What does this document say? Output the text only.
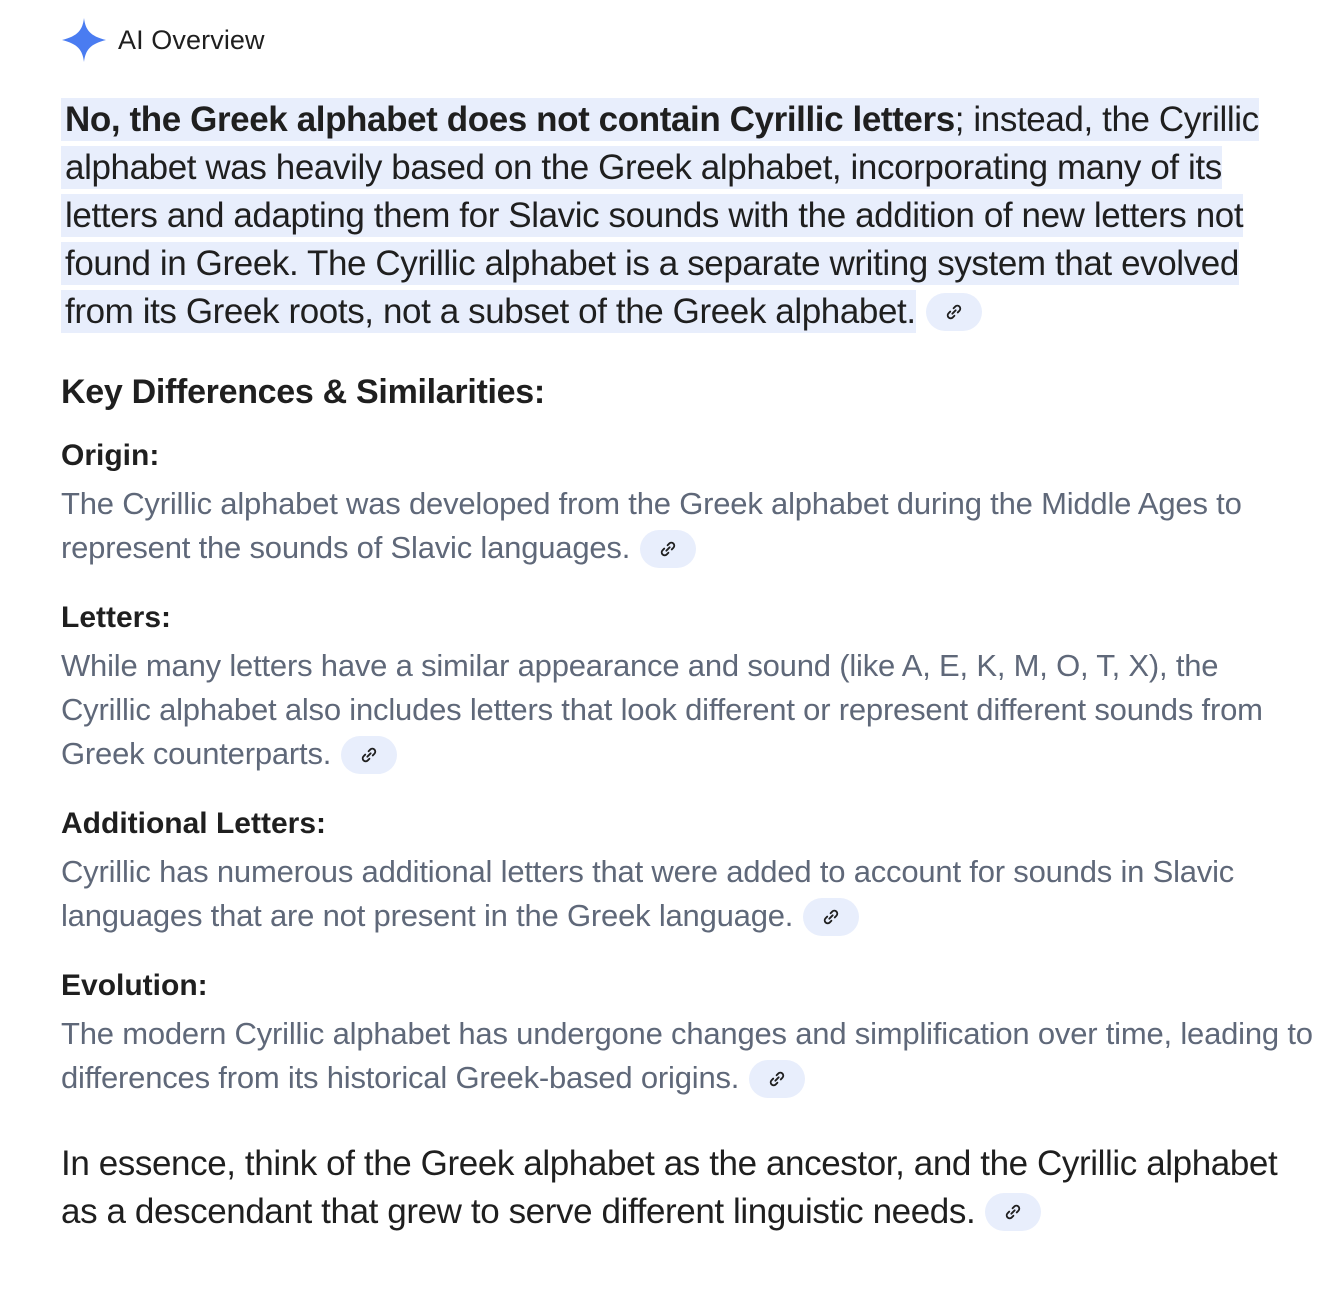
AI Overview

No, the Greek alphabet does not contain Cyrillic letters; instead, the Cyrillic alphabet was heavily based on the Greek alphabet, incorporating many of its letters and adapting them for Slavic sounds with the addition of new letters not found in Greek. The Cyrillic alphabet is a separate writing system that evolved from its Greek roots, not a subset of the Greek alphabet.

Key Differences & Similarities:

Origin:

The Cyrillic alphabet was developed from the Greek alphabet during the Middle Ages to represent the sounds of Slavic languages.

Letters:

While many letters have a similar appearance and sound (like A, E, K, M, O, T, X), the Cyrillic alphabet also includes letters that look different or represent different sounds from Greek counterparts.

Additional Letters:

Cyrillic has numerous additional letters that were added to account for sounds in Slavic languages that are not present in the Greek language.

Evolution:

The modern Cyrillic alphabet has undergone changes and simplification over time, leading to differences from its historical Greek-based origins.

In essence, think of the Greek alphabet as the ancestor, and the Cyrillic alphabet as a descendant that grew to serve different linguistic needs.
